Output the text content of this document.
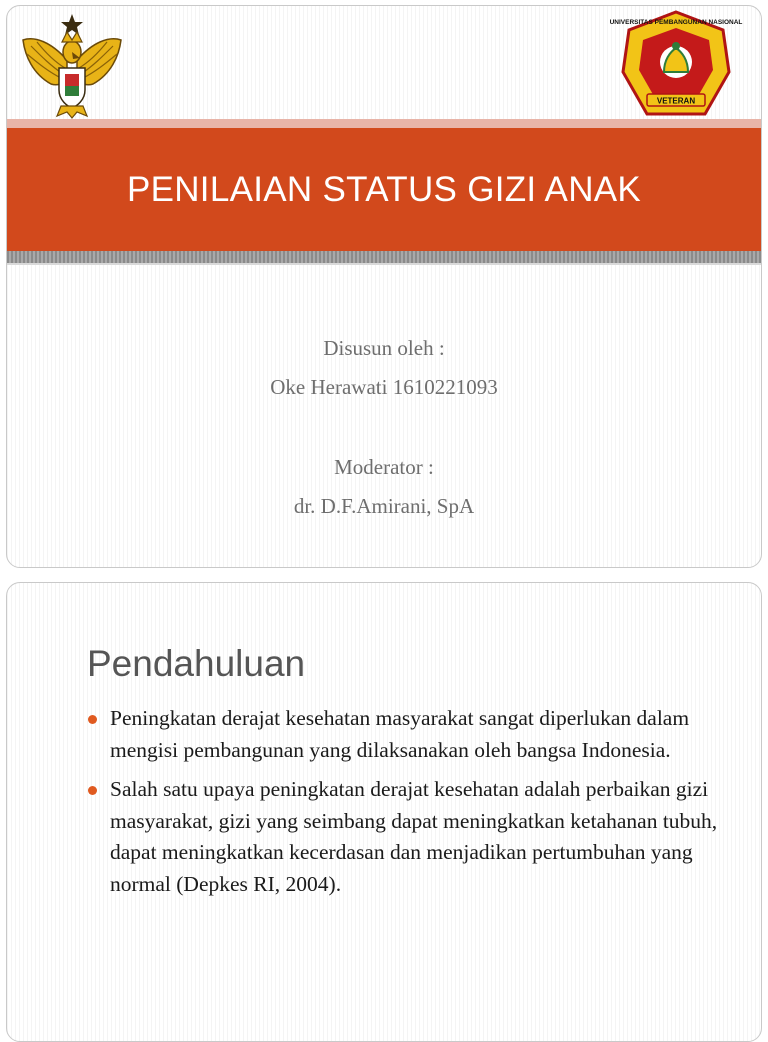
UNIVERSITAS PEMBANGUNAN NASIONAL
VETERAN
PENILAIAN STATUS GIZI ANAK
Disusun oleh :
Oke Herawati 1610221093
Moderator :
dr. D.F.Amirani, SpA
Pendahuluan
Peningkatan derajat kesehatan masyarakat sangat diperlukan dalam mengisi pembangunan yang dilaksanakan oleh bangsa Indonesia.
Salah satu upaya peningkatan derajat kesehatan adalah perbaikan gizi masyarakat, gizi yang seimbang dapat meningkatkan ketahanan tubuh, dapat meningkatkan kecerdasan dan menjadikan pertumbuhan yang normal (Depkes RI, 2004).
